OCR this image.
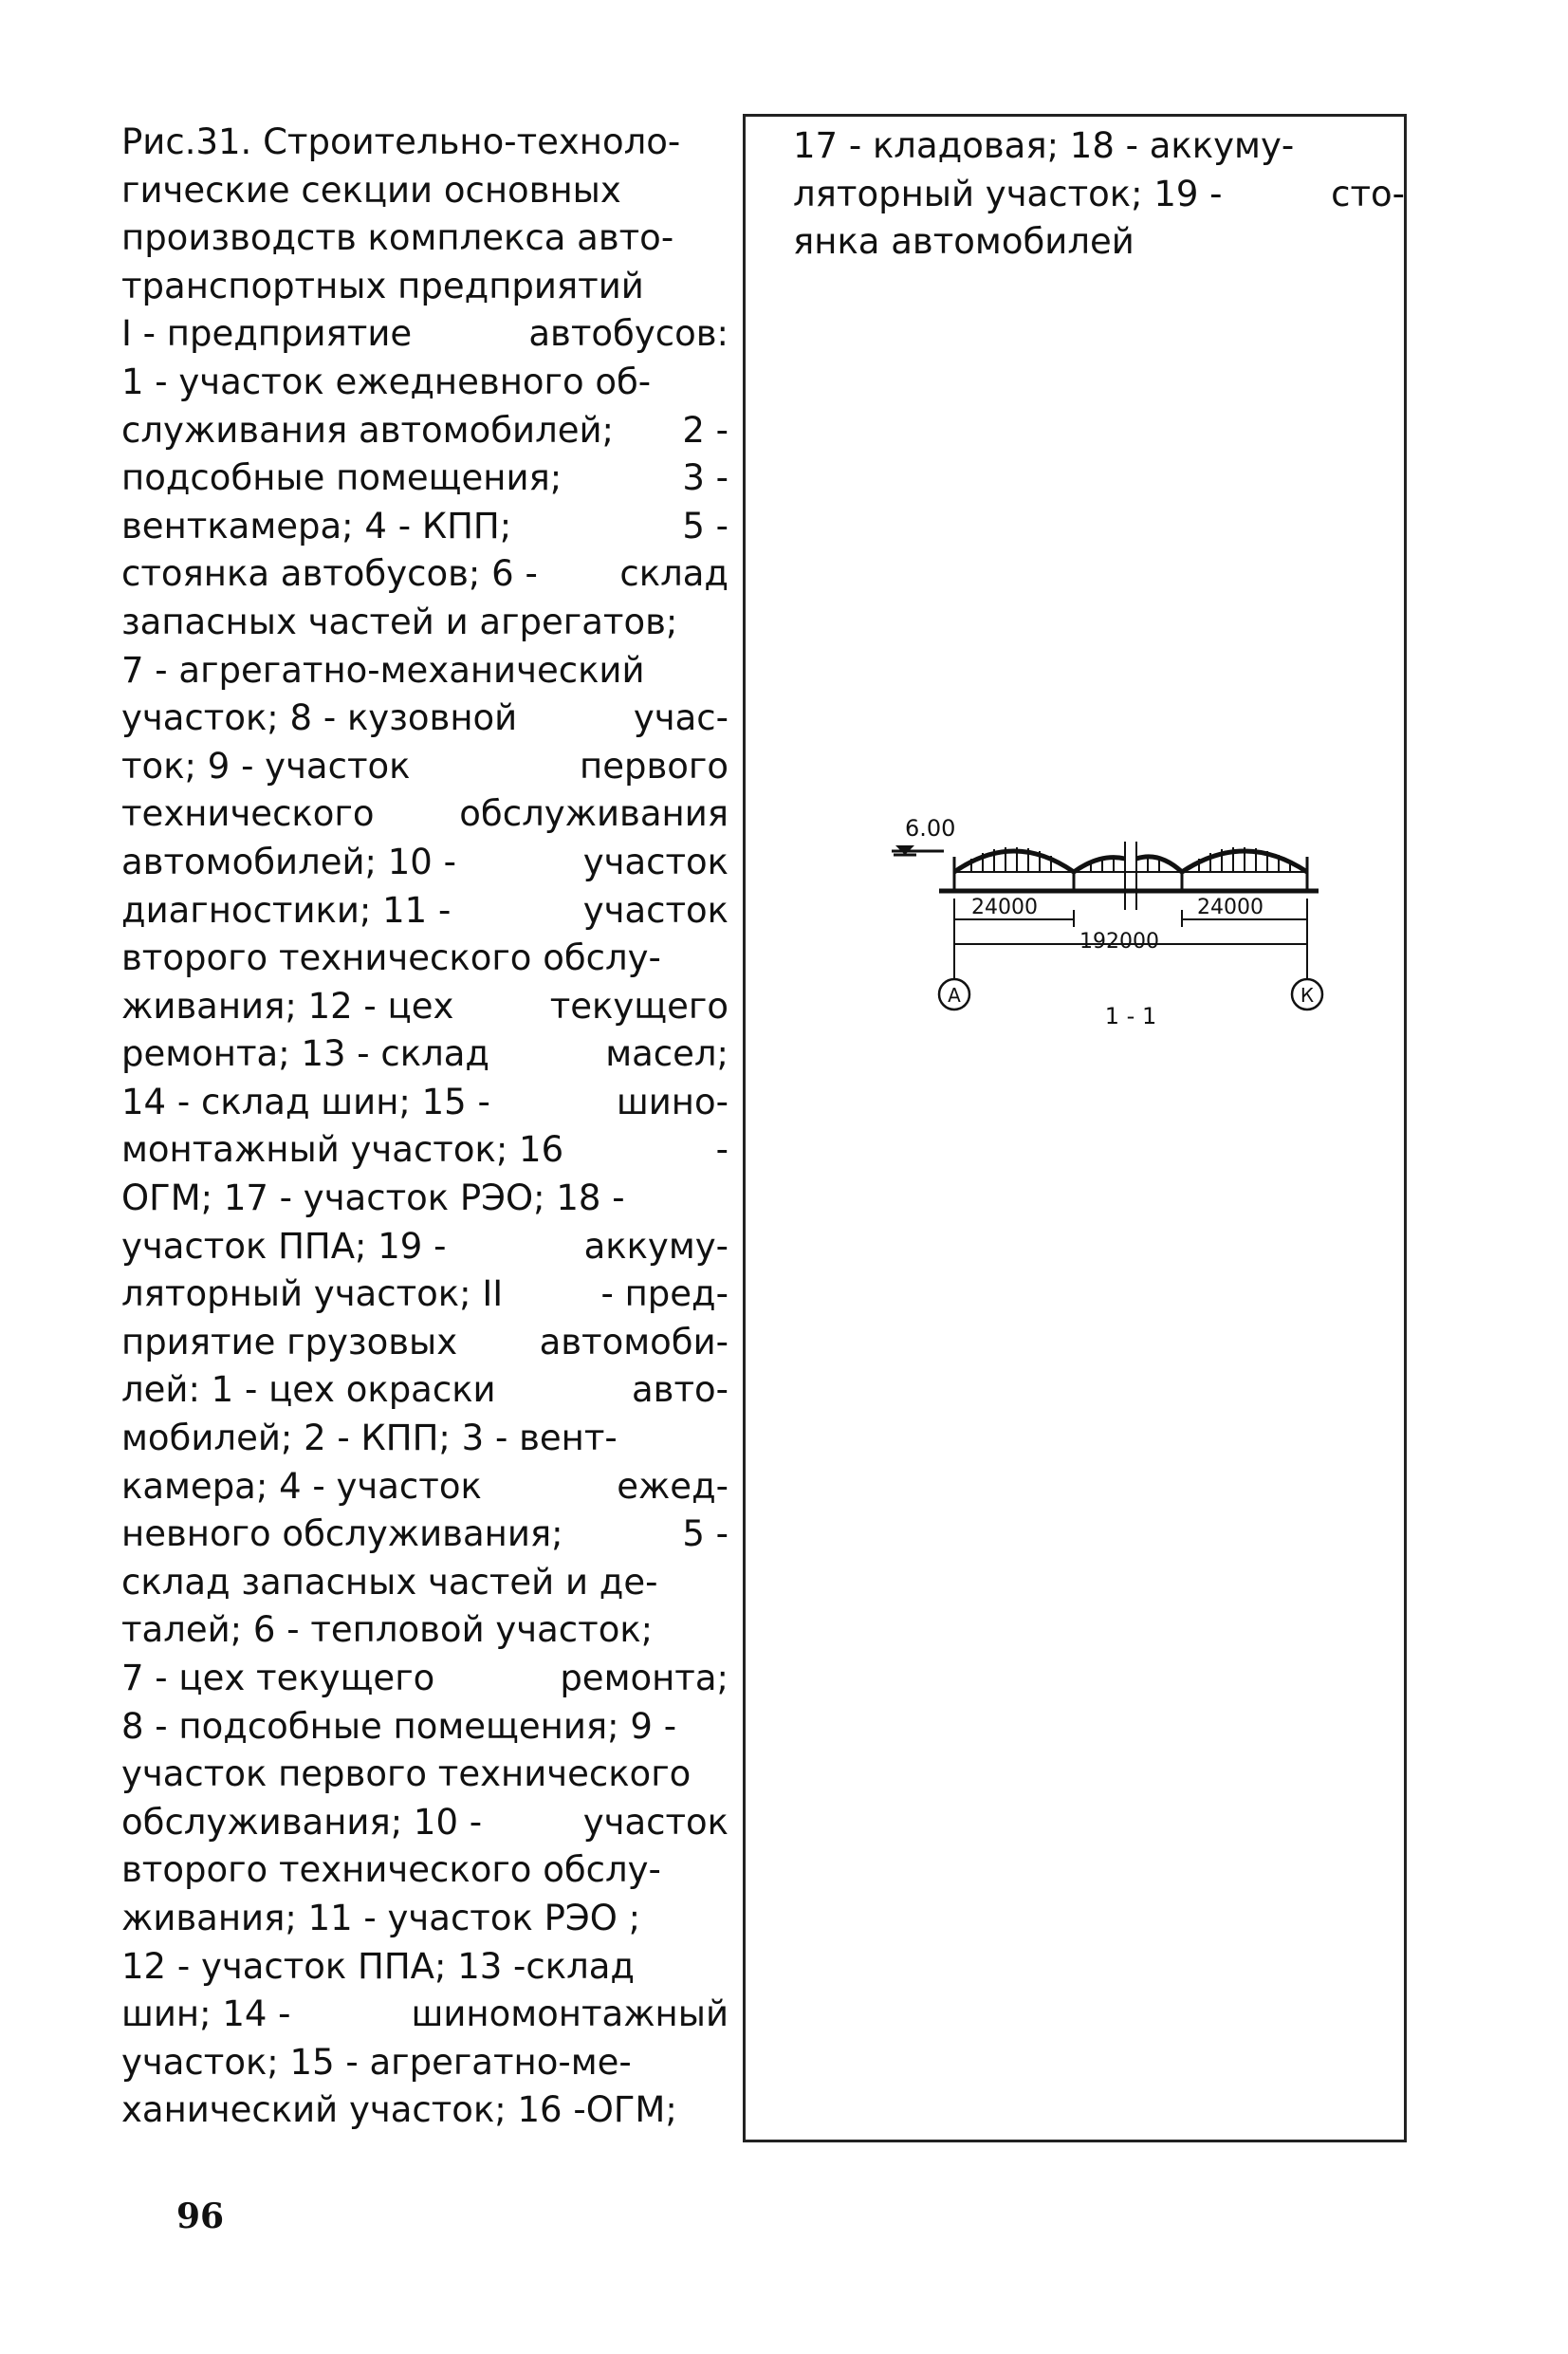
Рис.31. Строительно-техноло-
гические секции основных
производств комплекса авто-
транспортных предприятий
I - предприятие	автобусов:
1 - участок ежедневного об-
служивания автомобилей; 2 -
подсобные помещения;	3 -
венткамера; 4 - КПП;	5 -
стоянка автобусов; 6 - склад
запасных частей и агрегатов;
7 - агрегатно-механический
участок; 8 - кузовной	учас-
ток; 9 - участок	первого
технического обслуживания
автомобилей; 10 -	участок
диагностики; 11 -	участок
второго технического обслу-
живания; 12 - цех	текущего
ремонта; 13 - склад	масел;
14 - склад шин; 15 -	шино-
монтажный участок; 16	-
ОГМ; 17 - участок РЭО; 18 -
участок ППА; 19 -	аккуму-
ляторный участок; II	- пред-
приятие грузовых автомоби-
лей: 1 - цех окраски	авто-
мобилей; 2 - КПП; 3 - вент-
камера; 4 - участок	ежед-
невного обслуживания;	5 -
склад запасных частей и де-
талей; 6 - тепловой участок;
7 - цех текущего	ремонта;
8 - подсобные помещения; 9 -
участок первого технического
обслуживания; 10 -	участок
второго технического обслу-
живания; 11 - участок РЭО ;
12 - участок ППА; 13 -склад
шин; 14 -	шиномонтажный
участок; 15 - агрегатно-ме-
ханический участок; 16 -ОГМ;
17 - кладовая; 18 - аккуму-
ляторный участок; 19 -	сто-
янка автомобилей
6.00
24000
192000
24000
А	К
1 - 1
96
